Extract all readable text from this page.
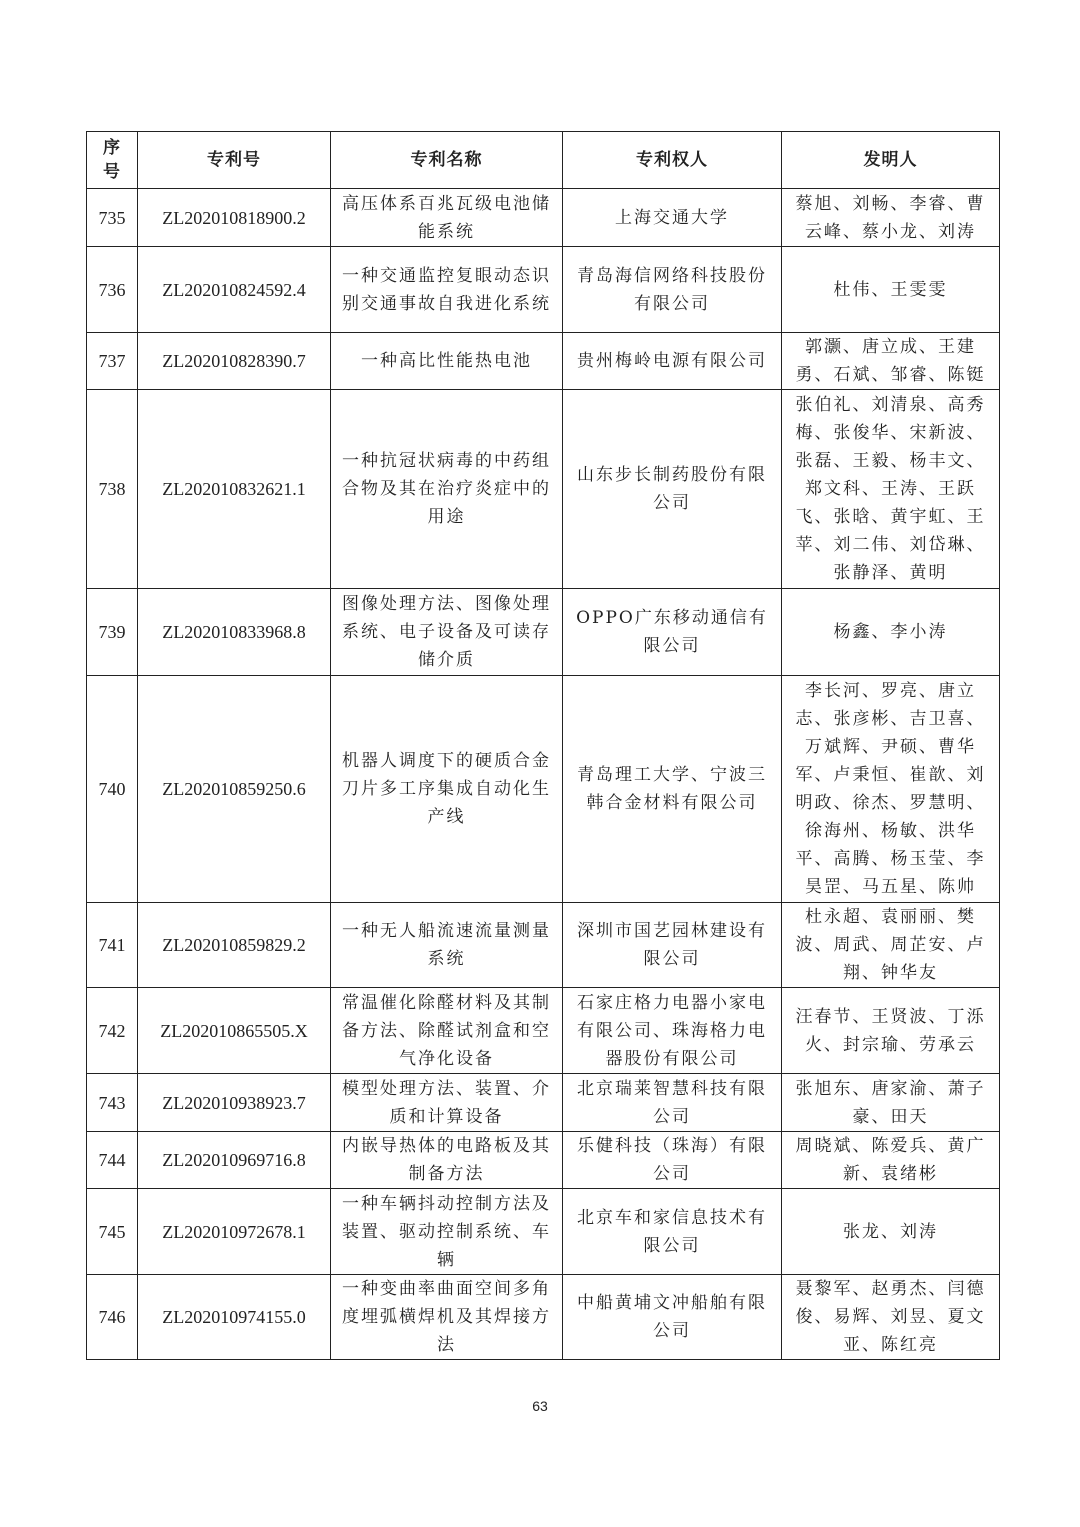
序号	专利号	专利名称	专利权人	发明人
735	ZL202010818900.2	高压体系百兆瓦级电池储能系统	上海交通大学	蔡旭、刘畅、李睿、曹云峰、蔡小龙、刘涛
736	ZL202010824592.4	一种交通监控复眼动态识别交通事故自我进化系统	青岛海信网络科技股份有限公司	杜伟、王雯雯
737	ZL202010828390.7	一种高比性能热电池	贵州梅岭电源有限公司	郭灏、唐立成、王建勇、石斌、邹睿、陈铤
738	ZL202010832621.1	一种抗冠状病毒的中药组合物及其在治疗炎症中的用途	山东步长制药股份有限公司	张伯礼、刘清泉、高秀梅、张俊华、宋新波、张磊、王毅、杨丰文、郑文科、王涛、王跃飞、张晗、黄宇虹、王苹、刘二伟、刘岱琳、张静泽、黄明
739	ZL202010833968.8	图像处理方法、图像处理系统、电子设备及可读存储介质	OPPO广东移动通信有限公司	杨鑫、李小涛
740	ZL202010859250.6	机器人调度下的硬质合金刀片多工序集成自动化生产线	青岛理工大学、宁波三韩合金材料有限公司	李长河、罗亮、唐立志、张彦彬、吉卫喜、万斌辉、尹硕、曹华军、卢秉恒、崔歆、刘明政、徐杰、罗慧明、徐海州、杨敏、洪华平、高腾、杨玉莹、李昊罡、马五星、陈帅
741	ZL202010859829.2	一种无人船流速流量测量系统	深圳市国艺园林建设有限公司	杜永超、袁丽丽、樊波、周武、周芷安、卢翔、钟华友
742	ZL202010865505.X	常温催化除醛材料及其制备方法、除醛试剂盒和空气净化设备	石家庄格力电器小家电有限公司、珠海格力电器股份有限公司	汪春节、王贤波、丁泺火、封宗瑜、劳承云
743	ZL202010938923.7	模型处理方法、装置、介质和计算设备	北京瑞莱智慧科技有限公司	张旭东、唐家渝、萧子豪、田天
744	ZL202010969716.8	内嵌导热体的电路板及其制备方法	乐健科技（珠海）有限公司	周晓斌、陈爱兵、黄广新、袁绪彬
745	ZL202010972678.1	一种车辆抖动控制方法及装置、驱动控制系统、车辆	北京车和家信息技术有限公司	张龙、刘涛
746	ZL202010974155.0	一种变曲率曲面空间多角度埋弧横焊机及其焊接方法	中船黄埔文冲船舶有限公司	聂黎军、赵勇杰、闫德俊、易辉、刘昱、夏文亚、陈红亮
63
